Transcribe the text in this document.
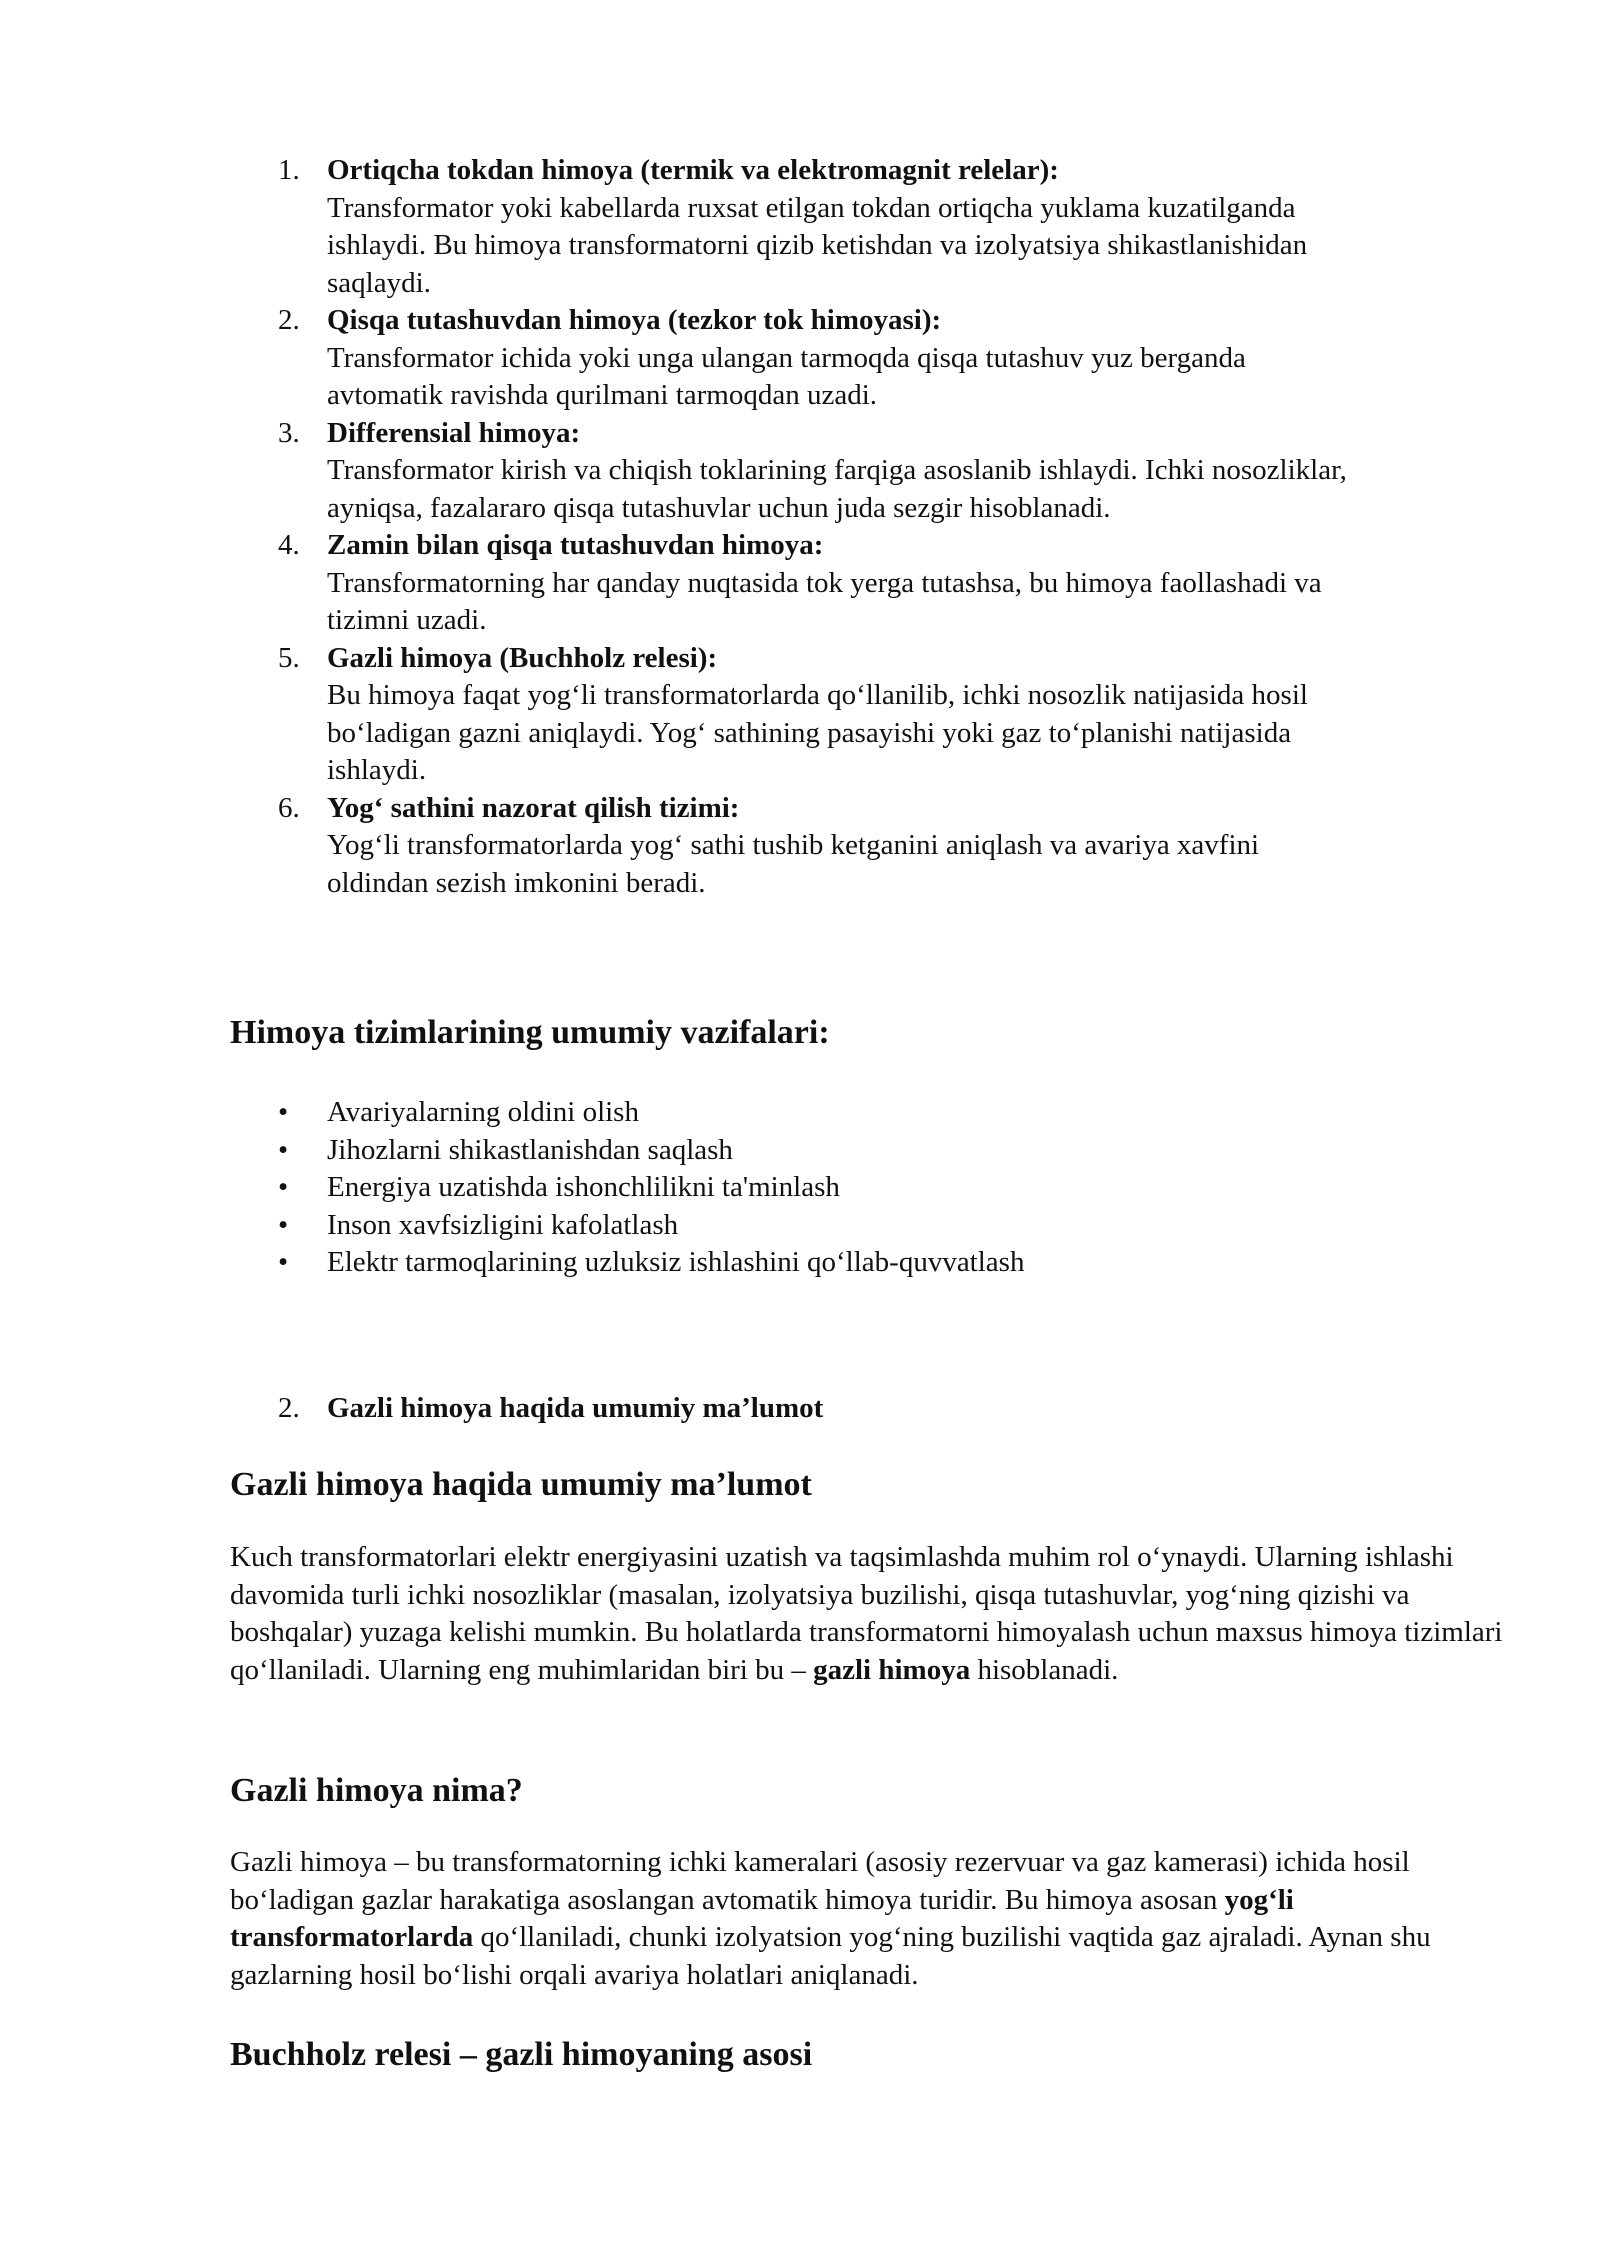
1. Ortiqcha tokdan himoya (termik va elektromagnit relelar):
Transformator yoki kabellarda ruxsat etilgan tokdan ortiqcha yuklama kuzatilganda
ishlaydi. Bu himoya transformatorni qizib ketishdan va izolyatsiya shikastlanishidan
saqlaydi.
2. Qisqa tutashuvdan himoya (tezkor tok himoyasi):
Transformator ichida yoki unga ulangan tarmoqda qisqa tutashuv yuz berganda
avtomatik ravishda qurilmani tarmoqdan uzadi.
3. Differensial himoya:
Transformator kirish va chiqish toklarining farqiga asoslanib ishlaydi. Ichki nosozliklar,
ayniqsa, fazalararo qisqa tutashuvlar uchun juda sezgir hisoblanadi.
4. Zamin bilan qisqa tutashuvdan himoya:
Transformatorning har qanday nuqtasida tok yerga tutashsa, bu himoya faollashadi va
tizimni uzadi.
5. Gazli himoya (Buchholz relesi):
Bu himoya faqat yog‘li transformatorlarda qo‘llanilib, ichki nosozlik natijasida hosil
bo‘ladigan gazni aniqlaydi. Yog‘ sathining pasayishi yoki gaz to‘planishi natijasida
ishlaydi.
6. Yog‘ sathini nazorat qilish tizimi:
Yog‘li transformatorlarda yog‘ sathi tushib ketganini aniqlash va avariya xavfini
oldindan sezish imkonini beradi.
Himoya tizimlarining umumiy vazifalari:
• Avariyalarning oldini olish
• Jihozlarni shikastlanishdan saqlash
• Energiya uzatishda ishonchlilikni ta'minlash
• Inson xavfsizligini kafolatlash
• Elektr tarmoqlarining uzluksiz ishlashini qo‘llab-quvvatlash
2. Gazli himoya haqida umumiy ma’lumot
Gazli himoya haqida umumiy ma’lumot

Kuch transformatorlari elektr energiyasini uzatish va taqsimlashda muhim rol o‘ynaydi. Ularning ishlashi davomida turli ichki nosozliklar (masalan, izolyatsiya buzilishi, qisqa tutashuvlar, yog‘ning qizishi va boshqalar) yuzaga kelishi mumkin. Bu holatlarda transformatorni himoyalash uchun maxsus himoya tizimlari qo‘llaniladi. Ularning eng muhimlaridan biri bu – gazli himoya hisoblanadi.

Gazli himoya nima?

Gazli himoya – bu transformatorning ichki kameralari (asosiy rezervuar va gaz kamerasi) ichida hosil bo‘ladigan gazlar harakatiga asoslangan avtomatik himoya turidir. Bu himoya asosan yog‘li transformatorlarda qo‘llaniladi, chunki izolyatsion yog‘ning buzilishi vaqtida gaz ajraladi. Aynan shu gazlarning hosil bo‘lishi orqali avariya holatlari aniqlanadi.

Buchholz relesi – gazli himoyaning asosi
